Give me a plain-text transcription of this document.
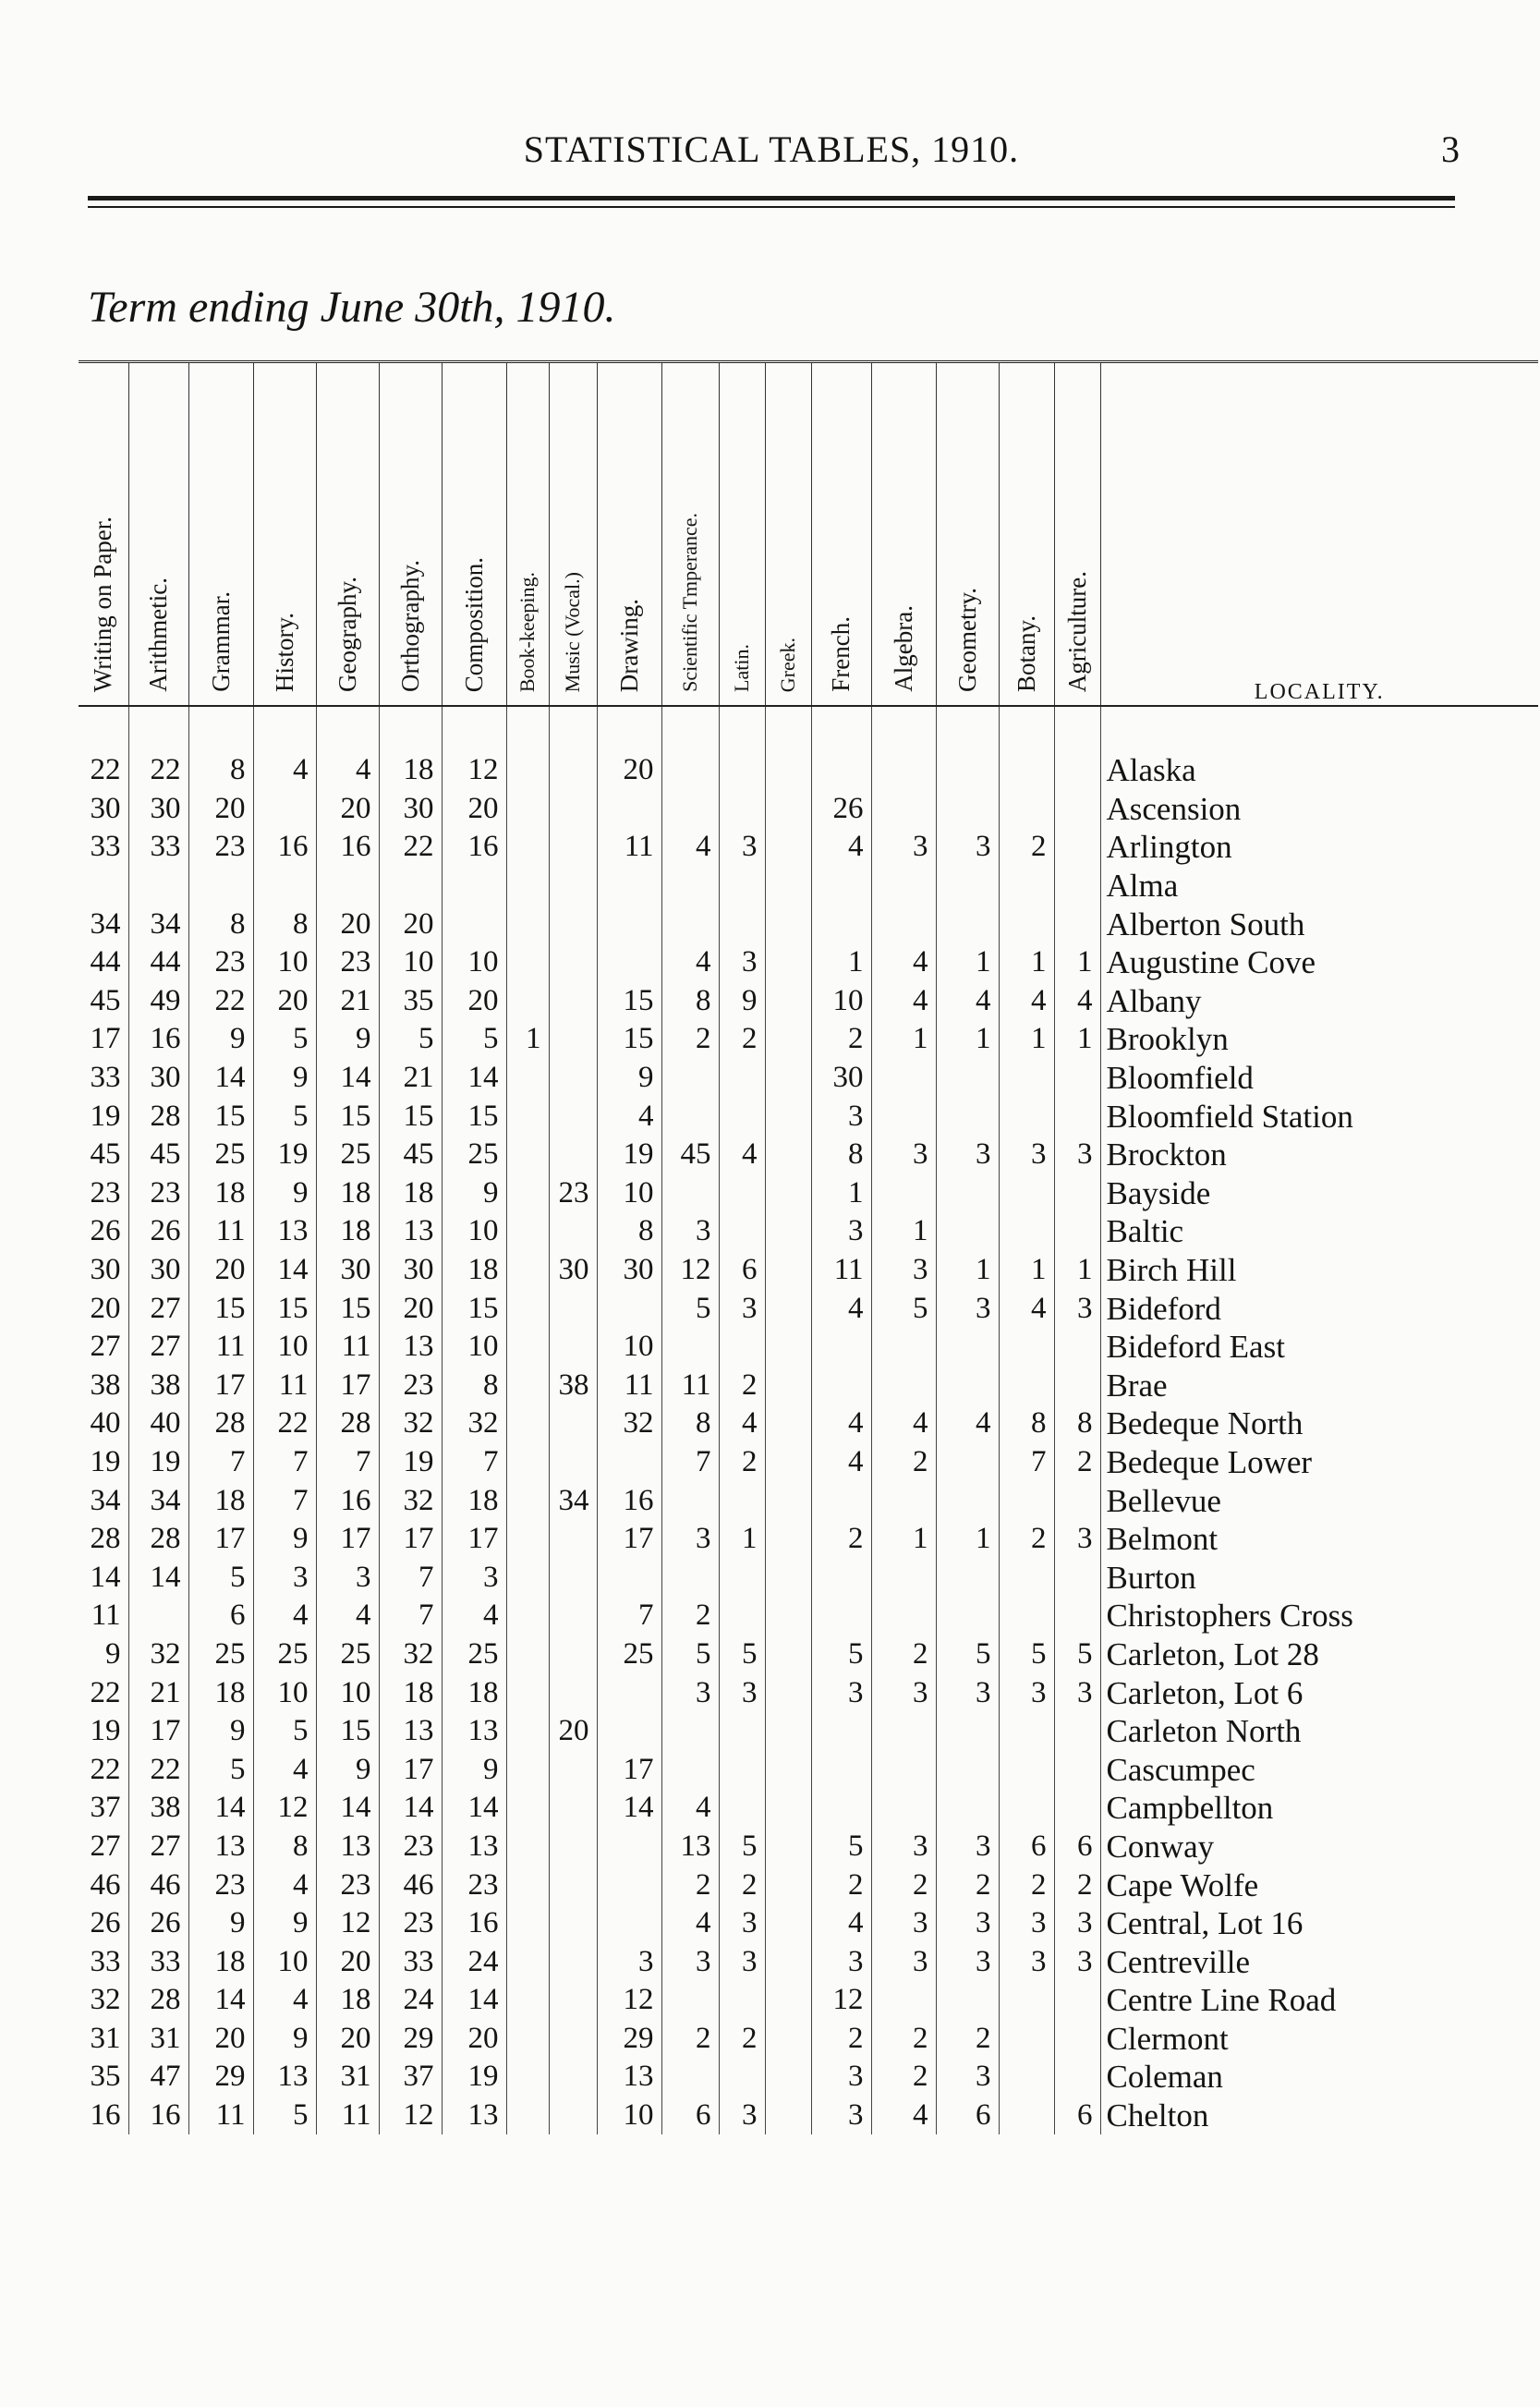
STATISTICAL TABLES, 1910.	3
Term ending June 30th, 1910.
Writing on Paper.	Arithmetic.	Grammar.	History.	Geography.	Orthography.	Composition.	Book-keeping.	Music (Vocal.)	Drawing.	Scientific Tmperance.	Latin.	Greek.	French.	Algebra.	Geometry.	Botany.	Agriculture.	LOCALITY.
22	22	8	4	4	18	12			20									Alaska
30	30	20		20	30	20							26					Ascension
33	33	23	16	16	22	16			11	4	3		4	3	3	2		Arlington
																		Alma
34	34	8	8	20	20													Alberton South
44	44	23	10	23	10	10				4	3		1	4	1	1	1	Augustine Cove
45	49	22	20	21	35	20			15	8	9		10	4	4	4	4	Albany
17	16	9	5	9	5	5	1		15	2	2		2	1	1	1	1	Brooklyn
33	30	14	9	14	21	14			9				30					Bloomfield
19	28	15	5	15	15	15			4				3					Bloomfield Station
45	45	25	19	25	45	25			19	45	4		8	3	3	3	3	Brockton
23	23	18	9	18	18	9		23	10				1					Bayside
26	26	11	13	18	13	10			8	3			3	1				Baltic
30	30	20	14	30	30	18		30	30	12	6		11	3	1	1	1	Birch Hill
20	27	15	15	15	20	15				5	3		4	5	3	4	3	Bideford
27	27	11	10	11	13	10			10									Bideford East
38	38	17	11	17	23	8		38	11	11	2							Brae
40	40	28	22	28	32	32			32	8	4		4	4	4	8	8	Bedeque North
19	19	7	7	7	19	7				7	2		4	2		7	2	Bedeque Lower
34	34	18	7	16	32	18		34	16									Bellevue
28	28	17	9	17	17	17			17	3	1		2	1	1	2	3	Belmont
14	14	5	3	3	7	3												Burton
11		6	4	4	7	4			7	2								Christophers Cross
9	32	25	25	25	32	25			25	5	5		5	2	5	5	5	Carleton, Lot 28
22	21	18	10	10	18	18				3	3		3	3	3	3	3	Carleton, Lot 6
19	17	9	5	15	13	13		20										Carleton North
22	22	5	4	9	17	9			17									Cascumpec
37	38	14	12	14	14	14			14	4								Campbellton
27	27	13	8	13	23	13				13	5		5	3	3	6	6	Conway
46	46	23	4	23	46	23				2	2		2	2	2	2	2	Cape Wolfe
26	26	9	9	12	23	16				4	3		4	3	3	3	3	Central, Lot 16
33	33	18	10	20	33	24			3	3	3		3	3	3	3	3	Centreville
32	28	14	4	18	24	14			12				12					Centre Line Road
31	31	20	9	20	29	20			29	2	2		2	2	2			Clermont
35	47	29	13	31	37	19			13				3	2	3			Coleman
16	16	11	5	11	12	13			10	6	3		3	4	6		6	Chelton
